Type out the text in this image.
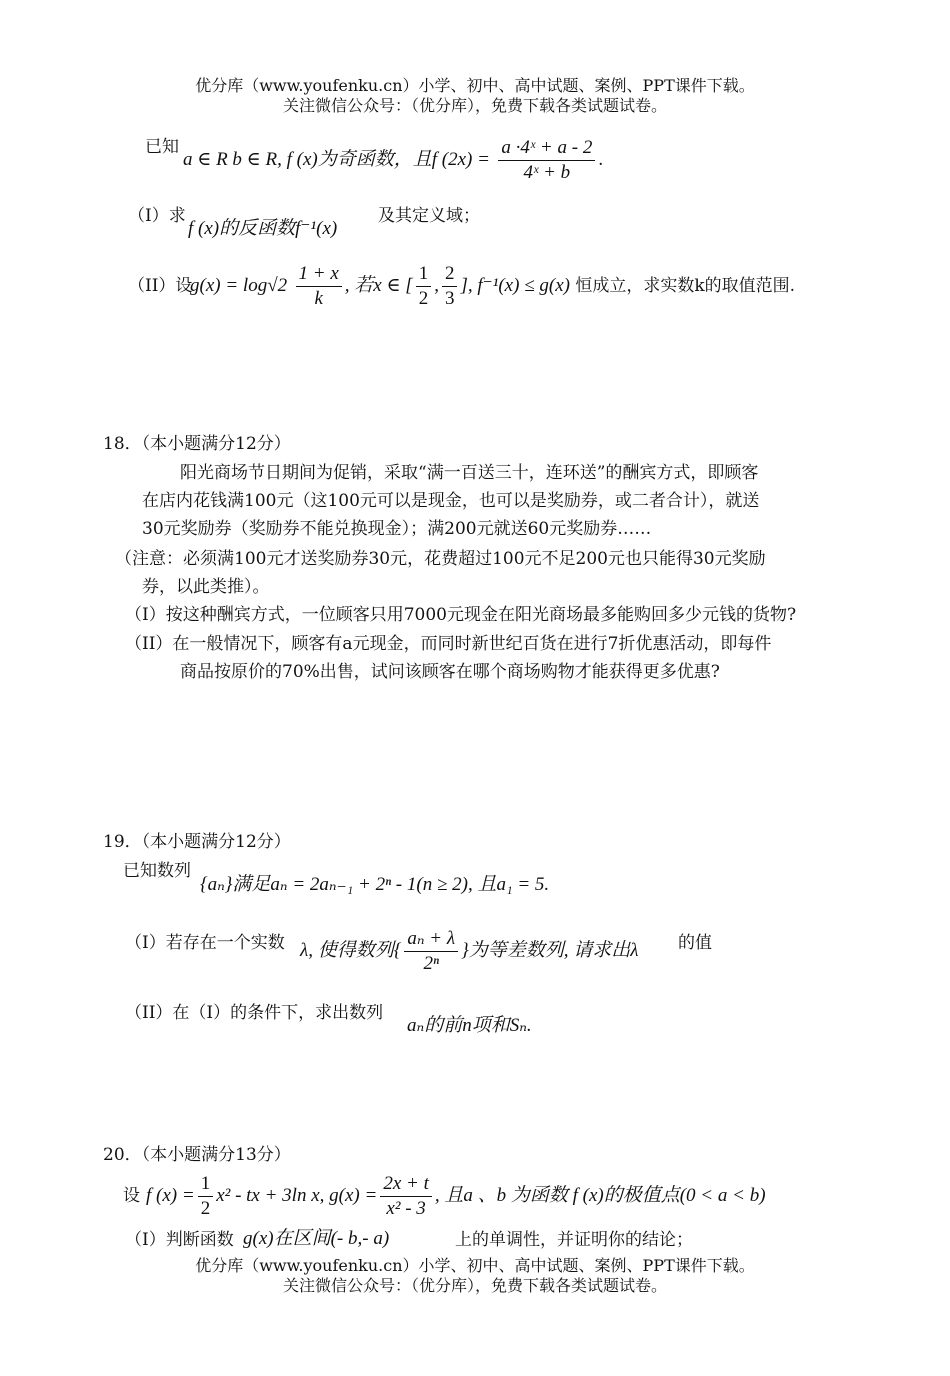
优分库（www.youfenku.cn）小学、初中、高中试题、案例、PPT课件下载。
关注微信公众号：（优分库），免费下载各类试题试卷。
已知
a ∈ R b ∈ R, f (x)为奇函数，且f $(2x) = \frac{\text{a ·4ˣ + a - 2}}{\text{4ˣ + b}}$ .
（I）求
f (x)的反函数f⁻¹(x)
及其定义域；
（II）设
$g(x) = \log√2 \frac{1 + x}{k}$ , 若x ∈ [ $\frac{1}{2}$ , $\frac{2}{3}$ ], f⁻¹(x) ≤ g(x) 恒成立，求实数k的取值范围.
18．（本小题满分12分）
阳光商场节日期间为促销，采取“满一百送三十，连环送”的酬宾方式，即顾客
在店内花钱满100元（这100元可以是现金，也可以是奖励券，或二者合计），就送
30元奖励券（奖励券不能兑换现金）；满200元就送60元奖励券……
（注意：必须满100元才送奖励券30元，花费超过100元不足200元也只能得30元奖励
券，以此类推）。
（I）按这种酬宾方式，一位顾客只用7000元现金在阳光商场最多能购回多少元钱的货物?
（II）在一般情况下，顾客有a元现金，而同时新世纪百货在进行7折优惠活动，即每件
商品按原价的70%出售，试问该顾客在哪个商场购物才能获得更多优惠?
19．（本小题满分12分）
已知数列
{aₙ}满足aₙ = 2aₙ₋₁ + 2ⁿ - 1(n ≥ 2), 且a₁ = 5.
（I）若存在一个实数 λ, 使得数列{ $\frac{\text{aₙ + λ}}{\text{2ⁿ}}$ }为等差数列, 请求出λ 的值
（II）在（I）的条件下，求出数列
aₙ的前n项和Sₙ.
20．（本小题满分13分）
设 f $(x) = \frac{1}{2} x^2$ - tx + 3ln x, $g(x) = \frac{2x + t}{\text{x² - 3}}$ , 且a 、b 为函数 f (x)的极值点(0 < a < b)
（I）判断函数 g(x)在区间(- b,- a)	上的单调性，并证明你的结论；
优分库（www.youfenku.cn）小学、初中、高中试题、案例、PPT课件下载。
关注微信公众号：（优分库），免费下载各类试题试卷。
